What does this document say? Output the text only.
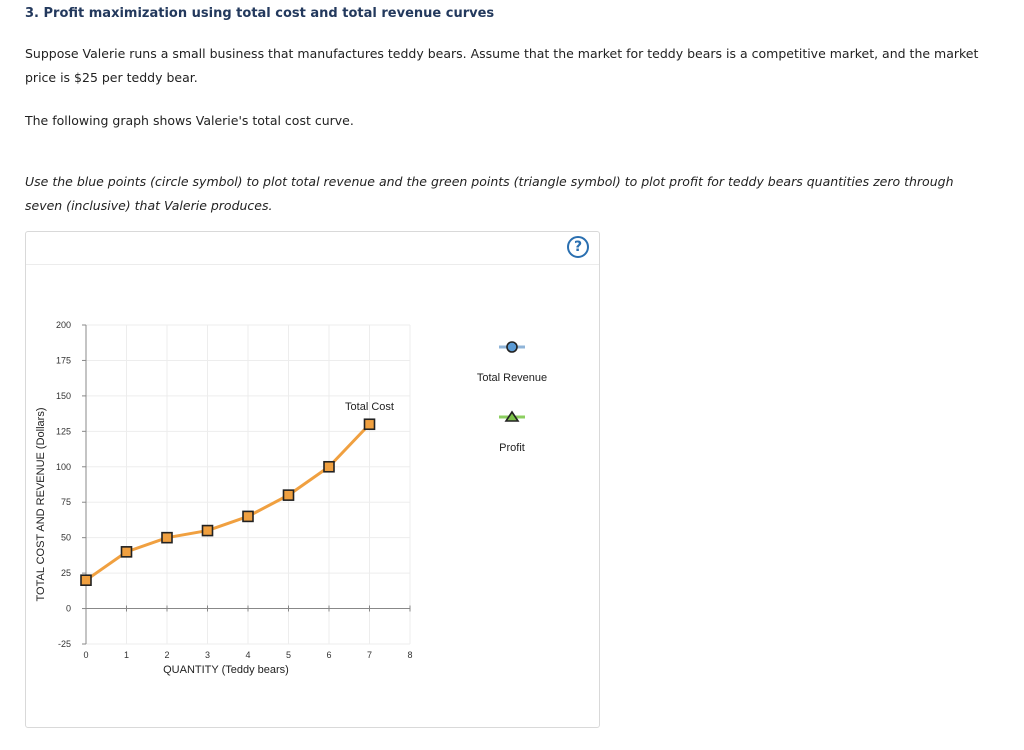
3. Profit maximization using total cost and total revenue curves
Suppose Valerie runs a small business that manufactures teddy bears. Assume that the market for teddy bears is a competitive market, and the market price is $25 per teddy bear.
The following graph shows Valerie's total cost curve.
Use the blue points (circle symbol) to plot total revenue and the green points (triangle symbol) to plot profit for teddy bears quantities zero through seven (inclusive) that Valerie produces.
?
-25
0
25
50
75
100
125
150
175
200
0	1	2	3	4	5	6	7	8
QUANTITY (Teddy bears)
TOTAL COST AND REVENUE (Dollars)
Total Cost
Total Revenue
Profit
